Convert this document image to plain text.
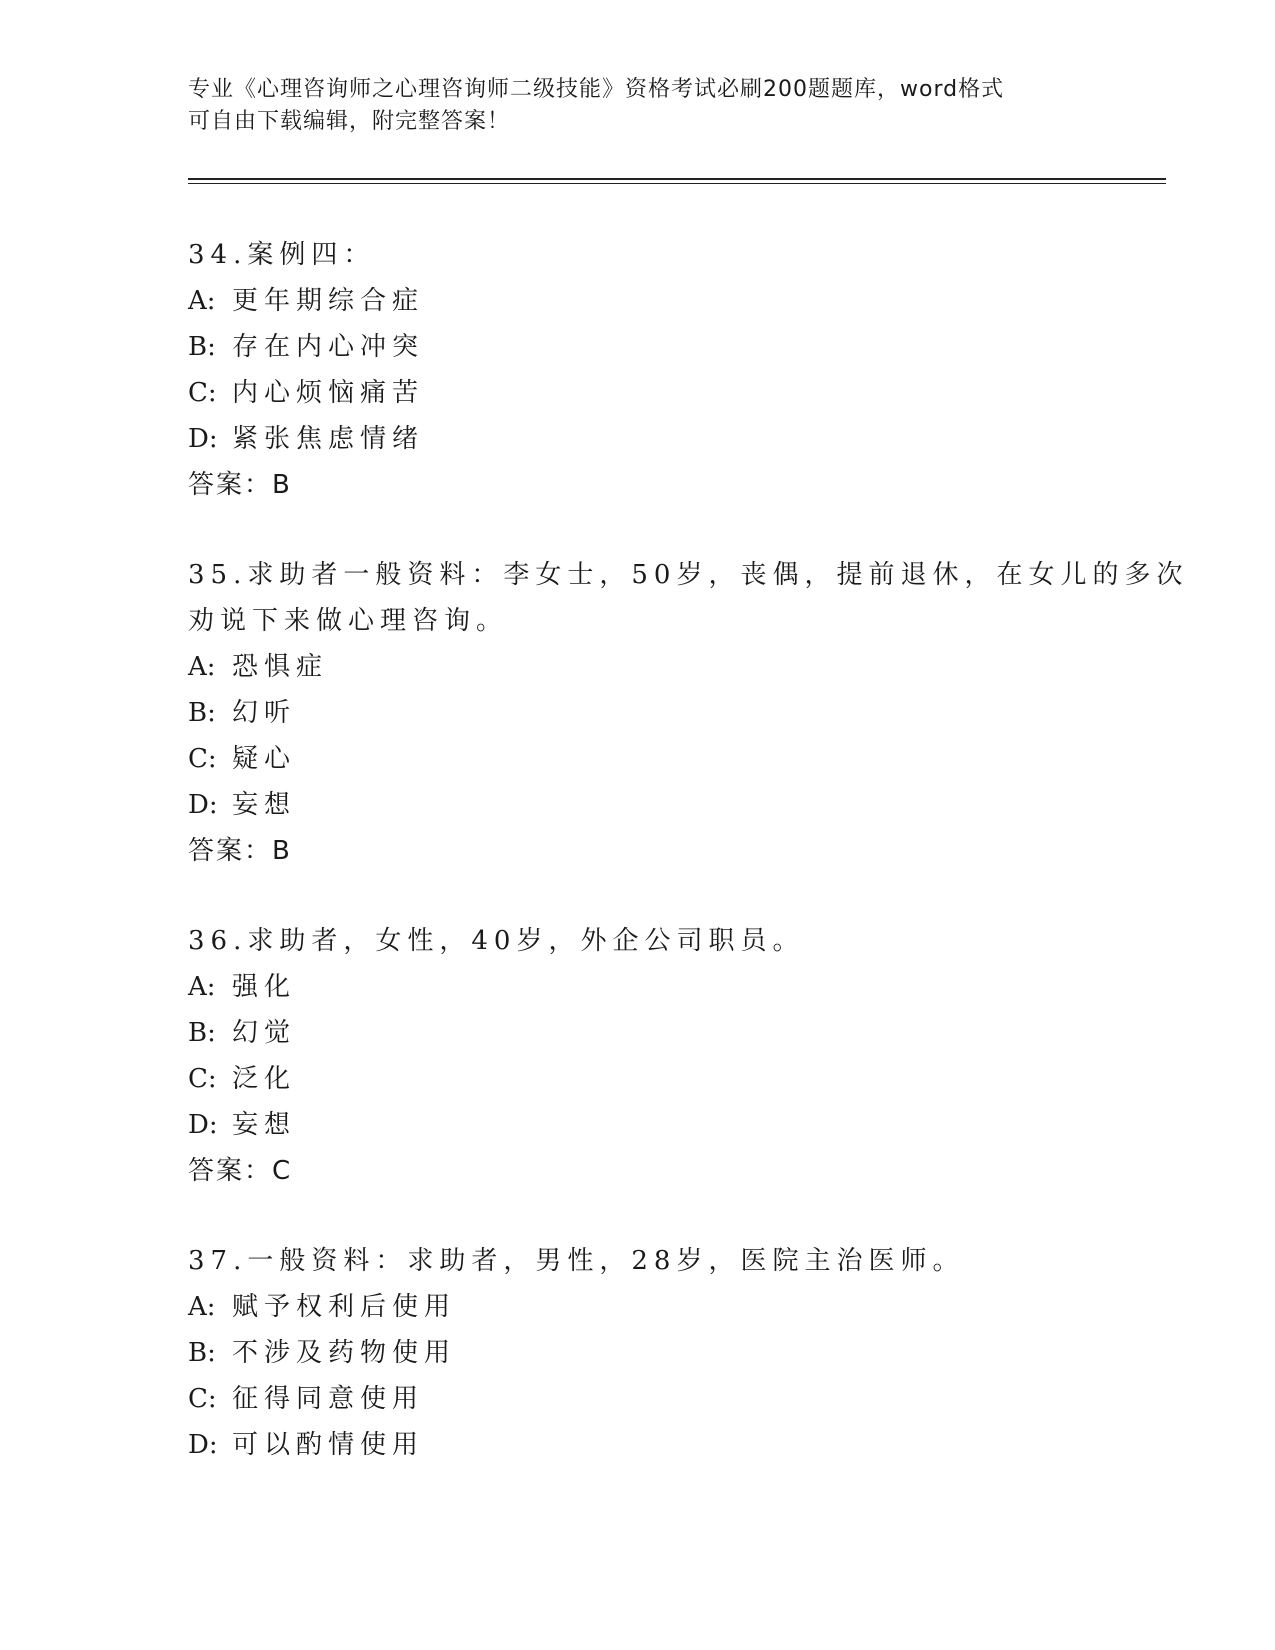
专业《心理咨询师之心理咨询师二级技能》资格考试必刷200题题库，word格式
可自由下载编辑，附完整答案！
34.案例四：
A: 更年期综合症
B: 存在内心冲突
C: 内心烦恼痛苦
D: 紧张焦虑情绪
答案：B
35.求助者一般资料：李女士，50岁，丧偶，提前退休，在女儿的多次
劝说下来做心理咨询。
A: 恐惧症
B: 幻听
C: 疑心
D: 妄想
答案：B
36.求助者，女性，40岁，外企公司职员。
A: 强化
B: 幻觉
C: 泛化
D: 妄想
答案：C
37.一般资料：求助者，男性，28岁，医院主治医师。
A: 赋予权利后使用
B: 不涉及药物使用
C: 征得同意使用
D: 可以酌情使用
